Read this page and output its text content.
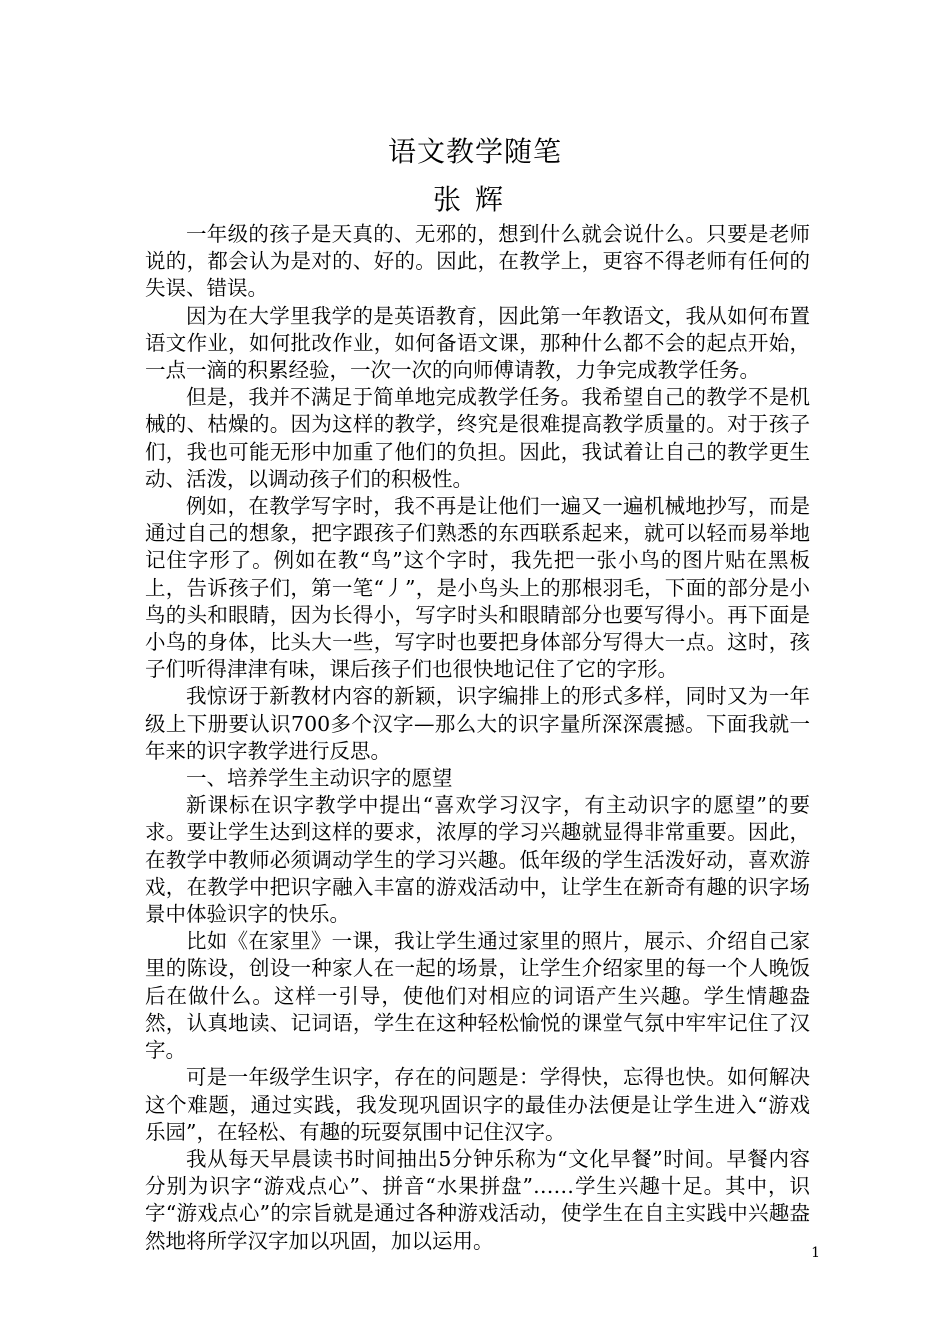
语文教学随笔
张辉

一年级的孩子是天真的、无邪的，想到什么就会说什么。只要是老师说的，都会认为是对的、好的。因此，在教学上，更容不得老师有任何的失误、错误。

因为在大学里我学的是英语教育，因此第一年教语文，我从如何布置语文作业，如何批改作业，如何备语文课，那种什么都不会的起点开始，一点一滴的积累经验，一次一次的向师傅请教，力争完成教学任务。

但是，我并不满足于简单地完成教学任务。我希望自己的教学不是机械的、枯燥的。因为这样的教学，终究是很难提高教学质量的。对于孩子们，我也可能无形中加重了他们的负担。因此，我试着让自己的教学更生动、活泼，以调动孩子们的积极性。

例如，在教学写字时，我不再是让他们一遍又一遍机械地抄写，而是通过自己的想象，把字跟孩子们熟悉的东西联系起来，就可以轻而易举地记住字形了。例如在教“鸟”这个字时，我先把一张小鸟的图片贴在黑板上，告诉孩子们，第一笔“丿”，是小鸟头上的那根羽毛，下面的部分是小鸟的头和眼睛，因为长得小，写字时头和眼睛部分也要写得小。再下面是小鸟的身体，比头大一些，写字时也要把身体部分写得大一点。这时，孩子们听得津津有味，课后孩子们也很快地记住了它的字形。

我惊讶于新教材内容的新颖，识字编排上的形式多样，同时又为一年级上下册要认识700多个汉字—那么大的识字量所深深震撼。下面我就一年来的识字教学进行反思。

一、培养学生主动识字的愿望

新课标在识字教学中提出“喜欢学习汉字，有主动识字的愿望”的要求。要让学生达到这样的要求，浓厚的学习兴趣就显得非常重要。因此，在教学中教师必须调动学生的学习兴趣。低年级的学生活泼好动，喜欢游戏，在教学中把识字融入丰富的游戏活动中，让学生在新奇有趣的识字场景中体验识字的快乐。

比如《在家里》一课，我让学生通过家里的照片，展示、介绍自己家里的陈设，创设一种家人在一起的场景，让学生介绍家里的每一个人晚饭后在做什么。这样一引导，使他们对相应的词语产生兴趣。学生情趣盎然，认真地读、记词语，学生在这种轻松愉悦的课堂气氛中牢牢记住了汉字。

可是一年级学生识字，存在的问题是：学得快，忘得也快。如何解决这个难题，通过实践，我发现巩固识字的最佳办法便是让学生进入“游戏乐园”，在轻松、有趣的玩耍氛围中记住汉字。

我从每天早晨读书时间抽出5分钟乐称为“文化早餐”时间。早餐内容分别为识字“游戏点心”、拼音“水果拼盘”……学生兴趣十足。其中，识字“游戏点心”的宗旨就是通过各种游戏活动，使学生在自主实践中兴趣盎然地将所学汉字加以巩固，加以运用。

1
